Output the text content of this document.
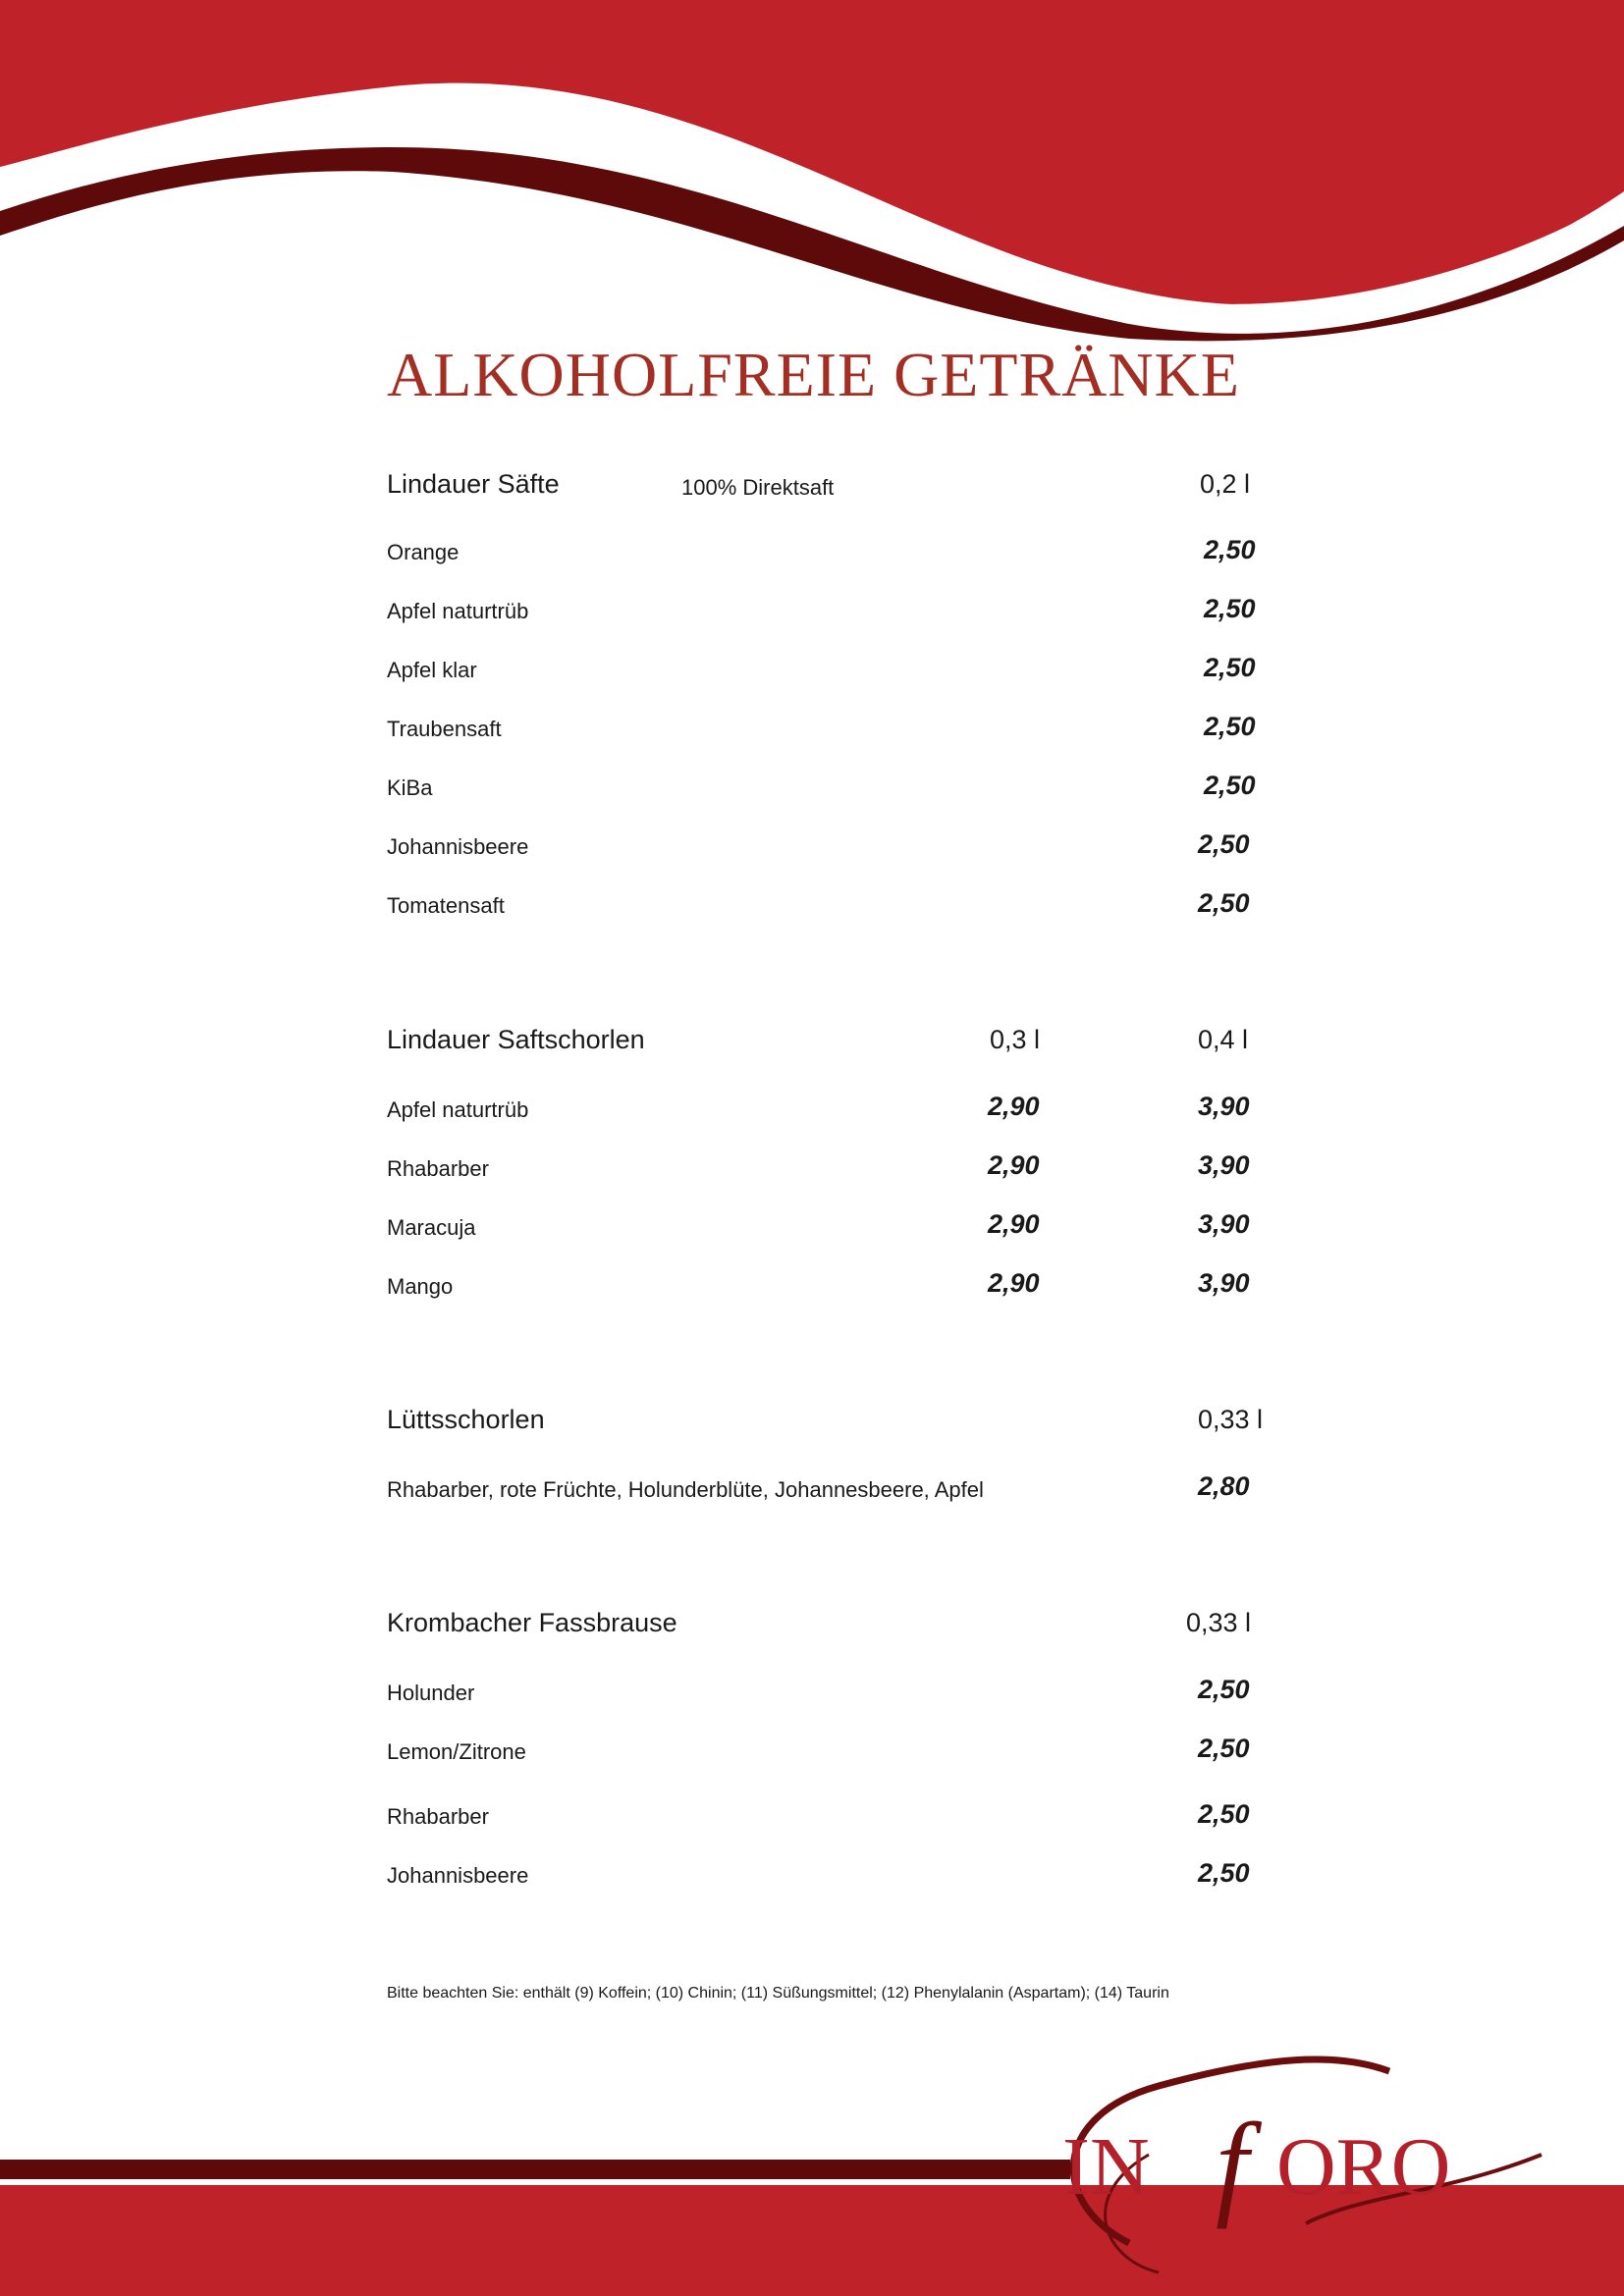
ALKOHOLFREIE GETRÄNKE
Lindauer Säfte	100% Direktsaft	0,2 l
Orange	2,50
Apfel naturtrüb	2,50
Apfel klar	2,50
Traubensaft	2,50
KiBa	2,50
Johannisbeere	2,50
Tomatensaft	2,50
Lindauer Saftschorlen	0,3 l	0,4 l
Apfel naturtrüb	2,90	3,90
Rhabarber	2,90	3,90
Maracuja	2,90	3,90
Mango	2,90	3,90
Lüttsschorlen	0,33 l
Rhabarber, rote Früchte, Holunderblüte, Johannesbeere, Apfel	2,80
Krombacher Fassbrause	0,33 l
Holunder	2,50
Lemon/Zitrone	2,50
Rhabarber	2,50
Johannisbeere	2,50
Bitte beachten Sie: enthält (9) Koffein; (10) Chinin; (11) Süßungsmittel; (12) Phenylalanin (Aspartam); (14) Taurin
IN f ORO
